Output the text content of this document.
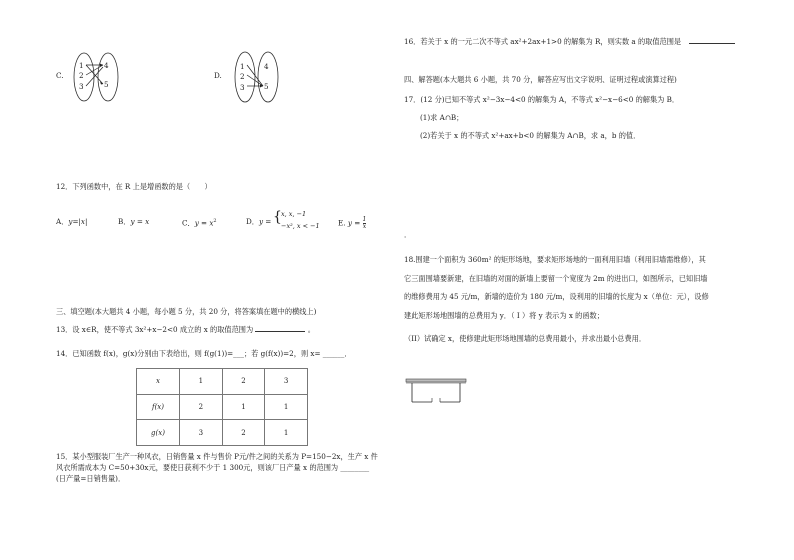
C.
1
2
3
4
5
D.
1
2
3
4
5
12．下列函数中，在 R 上是增函数的是（　　）
A．y=|x|	B．y = x	C．$y = x^2$	D．y = { x, x, −1
−x², x < −1	E. $y = \frac{1}{x}$
三、填空题(本大题共 4 小题，每小题 5 分，共 20 分，将答案填在题中的横线上)
13．设 x∈R，使不等式 3x²+x−2<0 成立的 x 的取值范围为	。
14．已知函数 f(x)，g(x)分别由下表给出，则 f(g(1))=___；若 g(f(x))=2，则 x= ______．
x	1	2	3
f(x)	2	1	1
g(x)	3	2	1
15．某小型服装厂生产一种风衣，日销售量 x 件与售价 P元/件之间的关系为 P=150−2x，生产 x 件
风衣所需成本为 C=50+30x元，要使日获利不少于 1 300元，则该厂日产量 x 的范围为 ________
(日产量=日销售量)．
16．若关于 x 的一元二次不等式 ax²+2ax+1>0 的解集为 R，则实数 a 的取值范围是
四、解答题(本大题共 6 小题，共 70 分，解答应写出文字说明、证明过程或演算过程)
17．(12 分)已知不等式 x²−3x−4<0 的解集为 A，不等式 x²−x−6<0 的解集为 B．
(1)求 A∩B；
(2)若关于 x 的不等式 x²+ax+b<0 的解集为 A∩B，求 a，b 的值．
．
18.围建一个面积为 360m² 的矩形场地，要求矩形场地的一面利用旧墙（利用旧墙需维修），其
它三面围墙要新建，在旧墙的对面的新墙上要留一个宽度为 2m 的进出口，如图所示，已知旧墙
的维修费用为 45 元/m，新墙的造价为 180 元/m，设利用的旧墙的长度为 x（单位：元），设修
建此矩形场地围墙的总费用为 y．（ I ）将 y 表示为 x 的函数；
（II）试确定 x，使修建此矩形场地围墙的总费用最小，并求出最小总费用．
